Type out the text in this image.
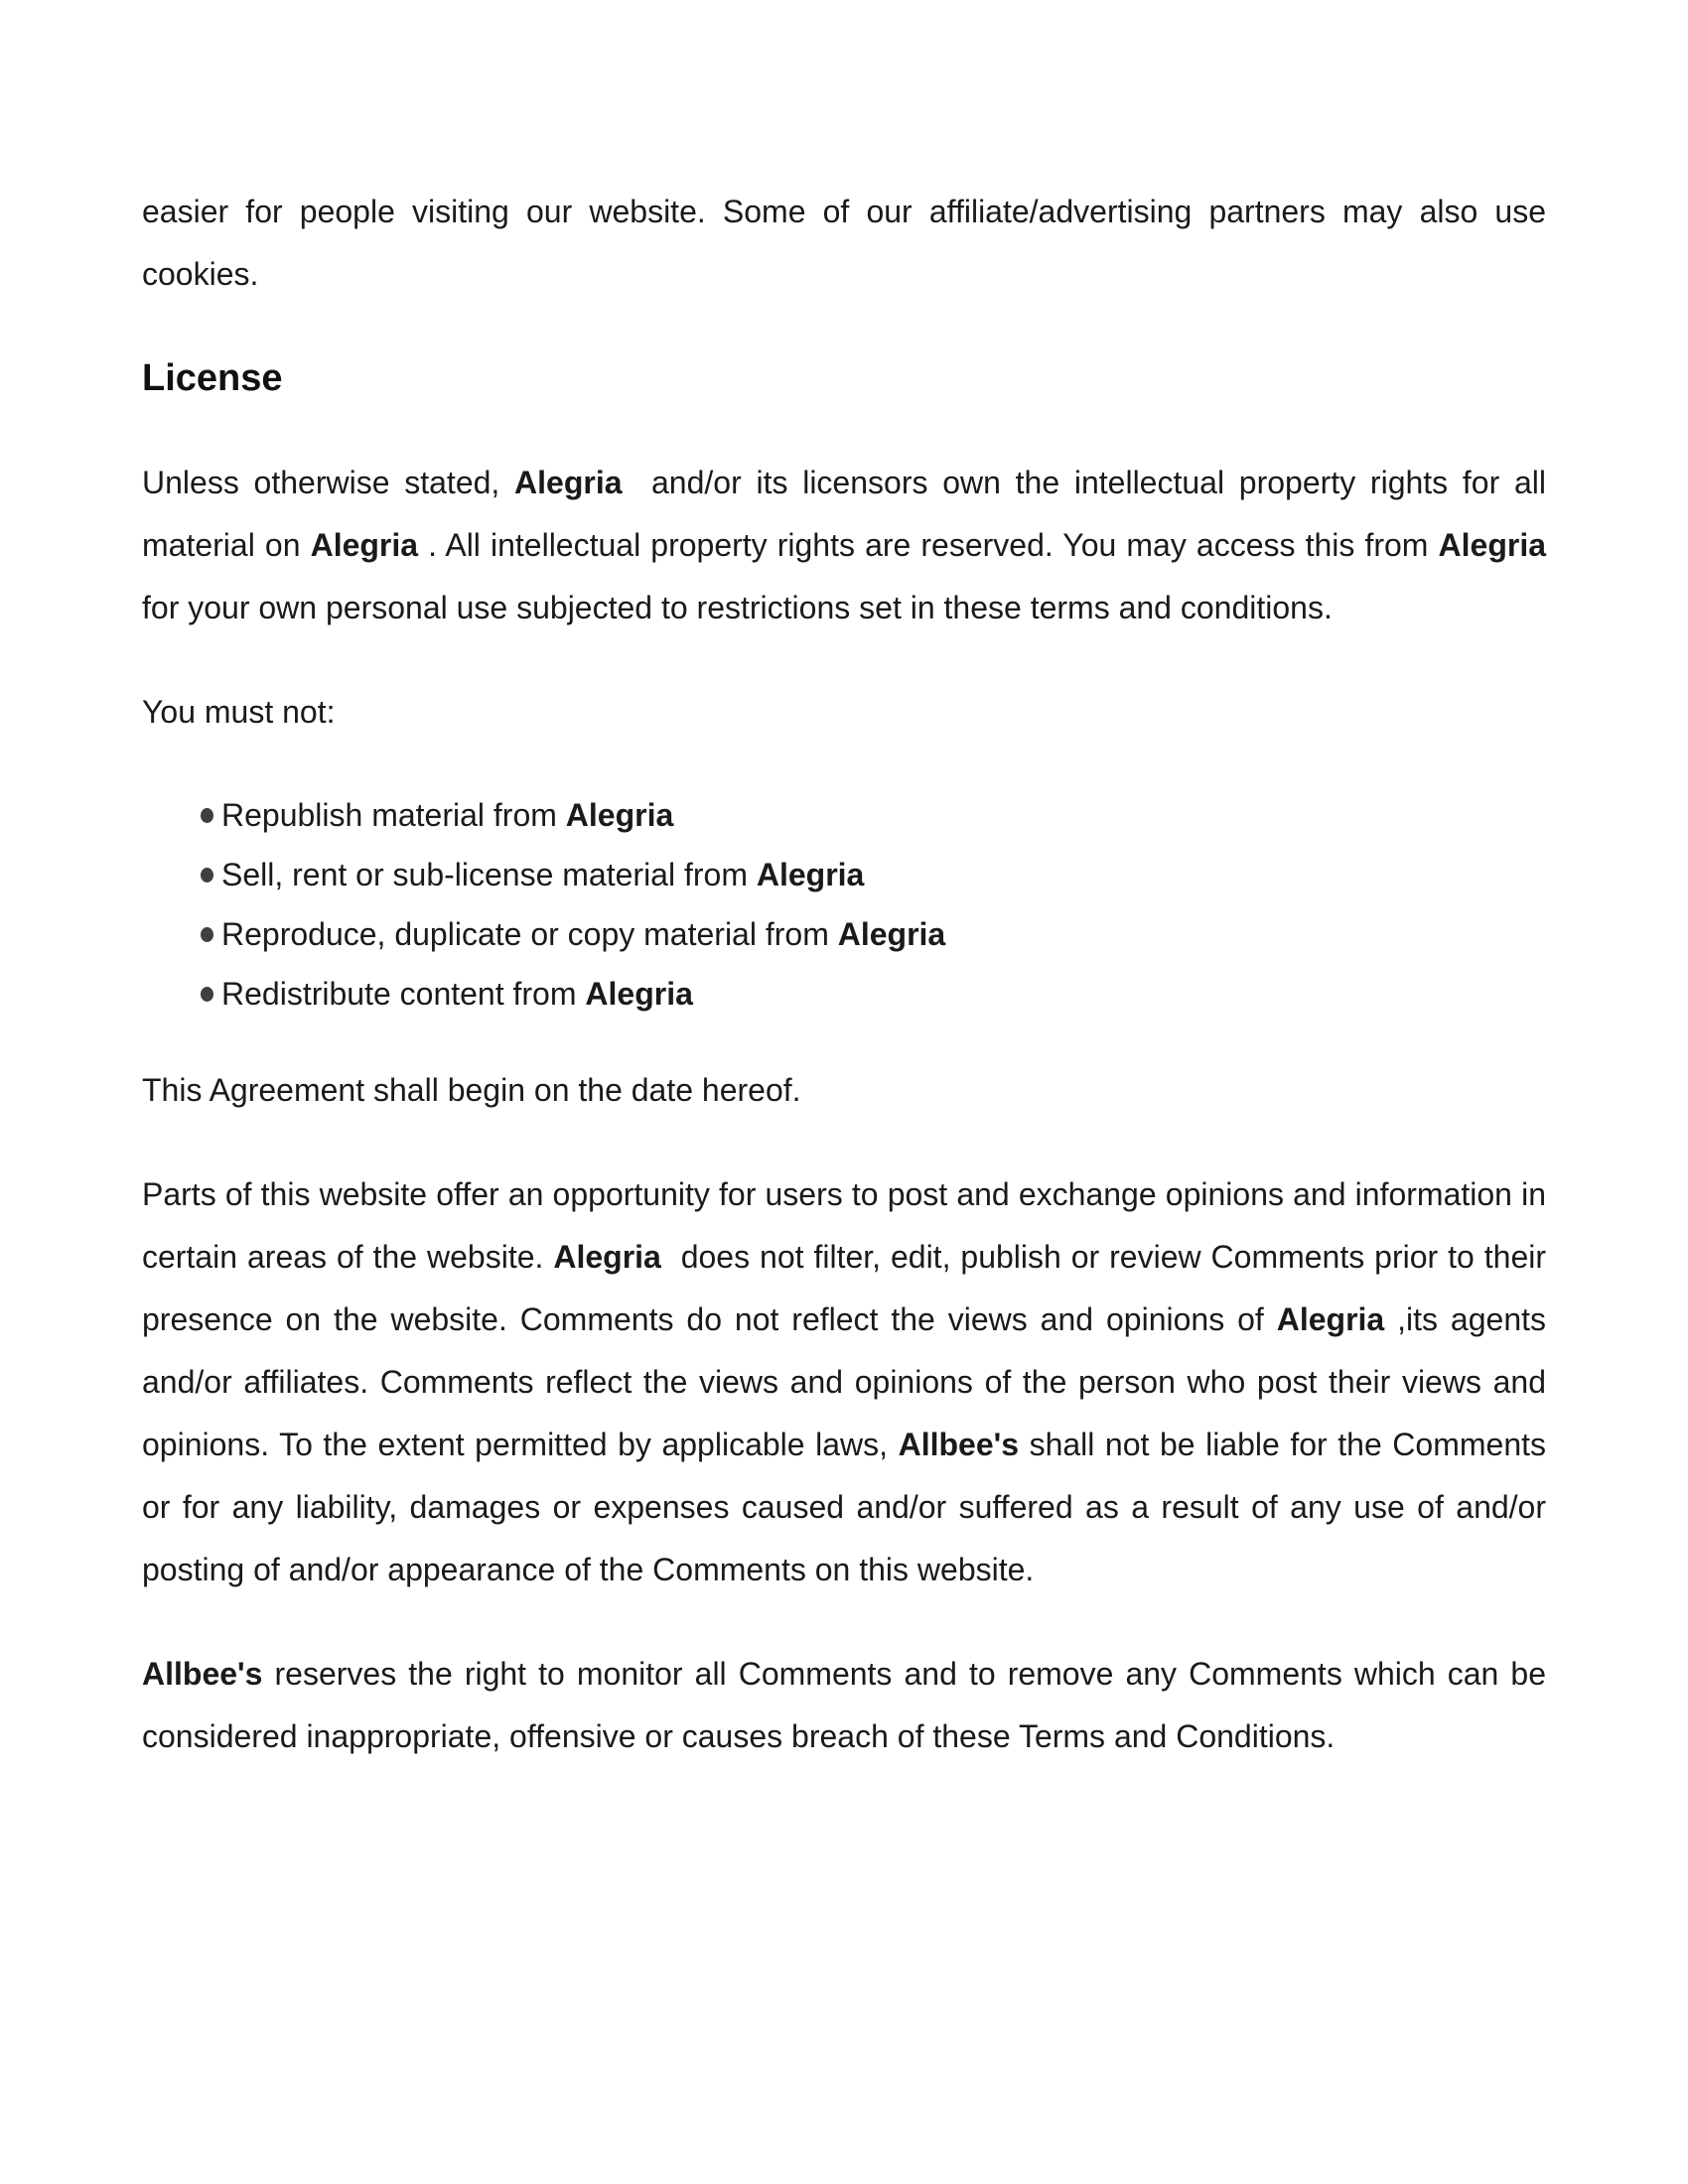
easier for people visiting our website. Some of our affiliate/advertising partners may also use cookies.

License

Unless otherwise stated, Alegria  and/or its licensors own the intellectual property rights for all material on Alegria . All intellectual property rights are reserved. You may access this from Alegria  for your own personal use subjected to restrictions set in these terms and conditions.

You must not:

Republish material from Alegria
Sell, rent or sub-license material from Alegria
Reproduce, duplicate or copy material from Alegria
Redistribute content from Alegria

This Agreement shall begin on the date hereof.

Parts of this website offer an opportunity for users to post and exchange opinions and information in certain areas of the website. Alegria  does not filter, edit, publish or review Comments prior to their presence on the website. Comments do not reflect the views and opinions of Alegria ,its agents and/or affiliates. Comments reflect the views and opinions of the person who post their views and opinions. To the extent permitted by applicable laws, Allbee's shall not be liable for the Comments or for any liability, damages or expenses caused and/or suffered as a result of any use of and/or posting of and/or appearance of the Comments on this website.

Allbee's reserves the right to monitor all Comments and to remove any Comments which can be considered inappropriate, offensive or causes breach of these Terms and Conditions.
